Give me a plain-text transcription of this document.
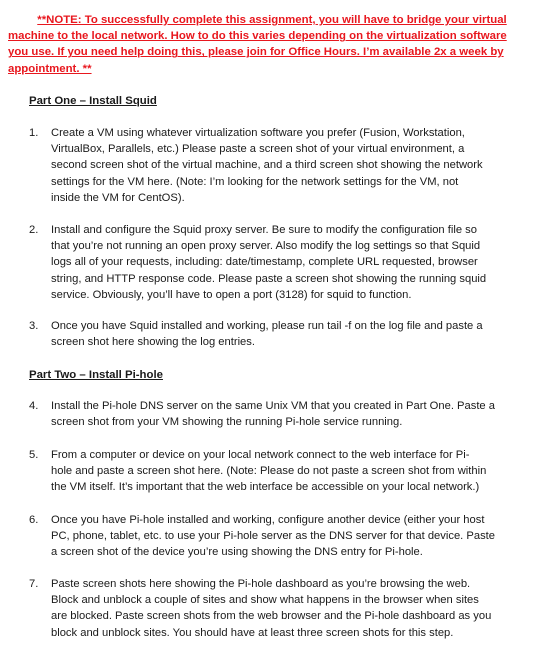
**NOTE: To successfully complete this assignment, you will have to bridge your virtual

machine to the local network. How to do this varies depending on the virtualization software

you use. If you need help doing this, please join for Office Hours. I’m available 2x a week by

appointment. **

Part One – Install Squid
1. Create a VM using whatever virtualization software you prefer (Fusion, Workstation,
VirtualBox, Parallels, etc.) Please paste a screen shot of your virtual environment, a
second screen shot of the virtual machine, and a third screen shot showing the network
settings for the VM here. (Note: I’m looking for the network settings for the VM, not
inside the VM for CentOS).
2. Install and configure the Squid proxy server. Be sure to modify the configuration file so
that you’re not running an open proxy server. Also modify the log settings so that Squid
logs all of your requests, including: date/timestamp, complete URL requested, browser
string, and HTTP response code. Please paste a screen shot showing the running squid
service. Obviously, you’ll have to open a port (3128) for squid to function.
3. Once you have Squid installed and working, please run tail -f on the log file and paste a
screen shot here showing the log entries.
Part Two – Install Pi-hole
4. Install the Pi-hole DNS server on the same Unix VM that you created in Part One. Paste a
screen shot from your VM showing the running Pi-hole service running.
5. From a computer or device on your local network connect to the web interface for Pi-
hole and paste a screen shot here. (Note: Please do not paste a screen shot from within
the VM itself. It’s important that the web interface be accessible on your local network.)
6. Once you have Pi-hole installed and working, configure another device (either your host
PC, phone, tablet, etc. to use your Pi-hole server as the DNS server for that device. Paste
a screen shot of the device you’re using showing the DNS entry for Pi-hole.
7. Paste screen shots here showing the Pi-hole dashboard as you’re browsing the web.
Block and unblock a couple of sites and show what happens in the browser when sites
are blocked. Paste screen shots from the web browser and the Pi-hole dashboard as you
block and unblock sites. You should have at least three screen shots for this step.
